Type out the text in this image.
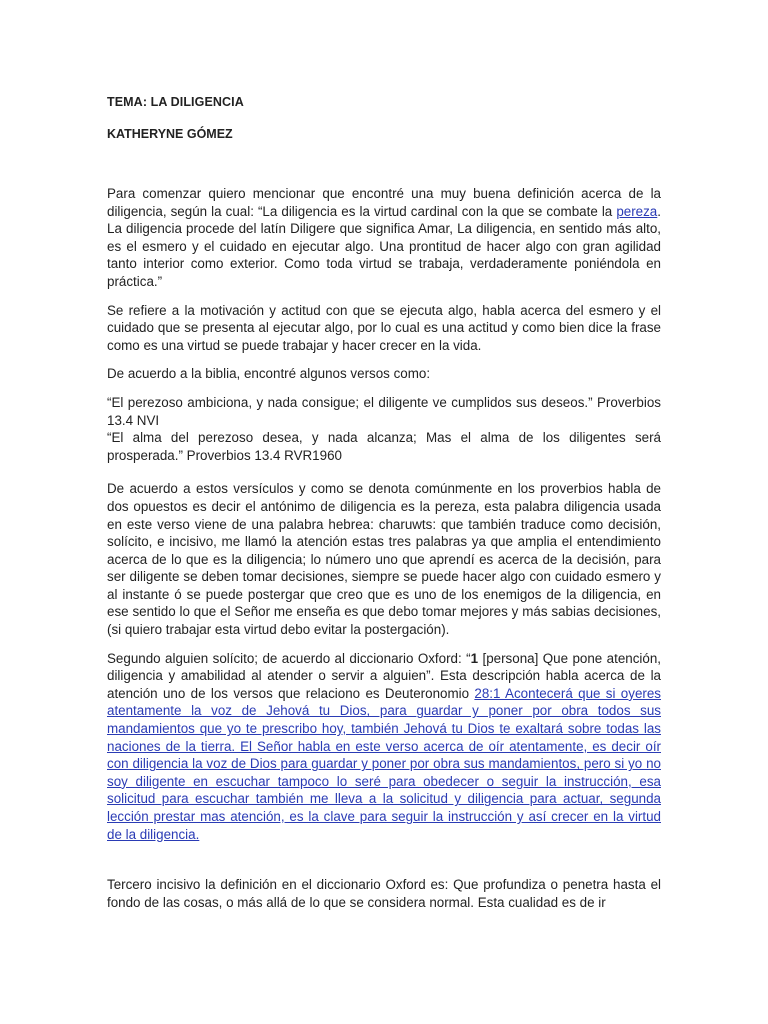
TEMA: LA DILIGENCIA
KATHERYNE GÓMEZ

Para comenzar quiero mencionar que encontré una muy buena definición acerca de la diligencia, según la cual: “La diligencia es la virtud cardinal con la que se combate la pereza. La diligencia procede del latín Diligere que significa Amar, La diligencia, en sentido más alto, es el esmero y el cuidado en ejecutar algo. Una prontitud de hacer algo con gran agilidad tanto interior como exterior. Como toda virtud se trabaja, verdaderamente poniéndola en práctica.”

Se refiere a la motivación y actitud con que se ejecuta algo, habla acerca del esmero y el cuidado que se presenta al ejecutar algo, por lo cual es una actitud y como bien dice la frase como es una virtud se puede trabajar y hacer crecer en la vida.

De acuerdo a la biblia, encontré algunos versos como:

“El perezoso ambiciona, y nada consigue; el diligente ve cumplidos sus deseos.” Proverbios 13.4 NVI

“El alma del perezoso desea, y nada alcanza; Mas el alma de los diligentes será prosperada.” Proverbios 13.4 RVR1960

De acuerdo a estos versículos y como se denota comúnmente en los proverbios habla de dos opuestos es decir el antónimo de diligencia es la pereza, esta palabra diligencia usada en este verso viene de una palabra hebrea: charuwts: que también traduce como decisión, solícito, e incisivo, me llamó la atención estas tres palabras ya que amplia el entendimiento acerca de lo que es la diligencia; lo número uno que aprendí es acerca de la decisión, para ser diligente se deben tomar decisiones, siempre se puede hacer algo con cuidado esmero y al instante ó se puede postergar que creo que es uno de los enemigos de la diligencia, en ese sentido lo que el Señor me enseña es que debo tomar mejores y más sabias decisiones, (si quiero trabajar esta virtud debo evitar la postergación).

Segundo alguien solícito; de acuerdo al diccionario Oxford: “1 [persona] Que pone atención, diligencia y amabilidad al atender o servir a alguien”. Esta descripción habla acerca de la atención uno de los versos que relaciono es Deuteronomio 28:1 Acontecerá que si oyeres atentamente la voz de Jehová tu Dios, para guardar y poner por obra todos sus mandamientos que yo te prescribo hoy, también Jehová tu Dios te exaltará sobre todas las naciones de la tierra. El Señor habla en este verso acerca de oír atentamente, es decir oír con diligencia la voz de Dios para guardar y poner por obra sus mandamientos, pero si yo no soy diligente en escuchar tampoco lo seré para obedecer o seguir la instrucción, esa solicitud para escuchar también me lleva a la solicitud y diligencia para actuar, segunda lección prestar mas atención, es la clave para seguir la instrucción y así crecer en la virtud de la diligencia.

Tercero incisivo la definición en el diccionario Oxford es: Que profundiza o penetra hasta el fondo de las cosas, o más allá de lo que se considera normal. Esta cualidad es de ir
